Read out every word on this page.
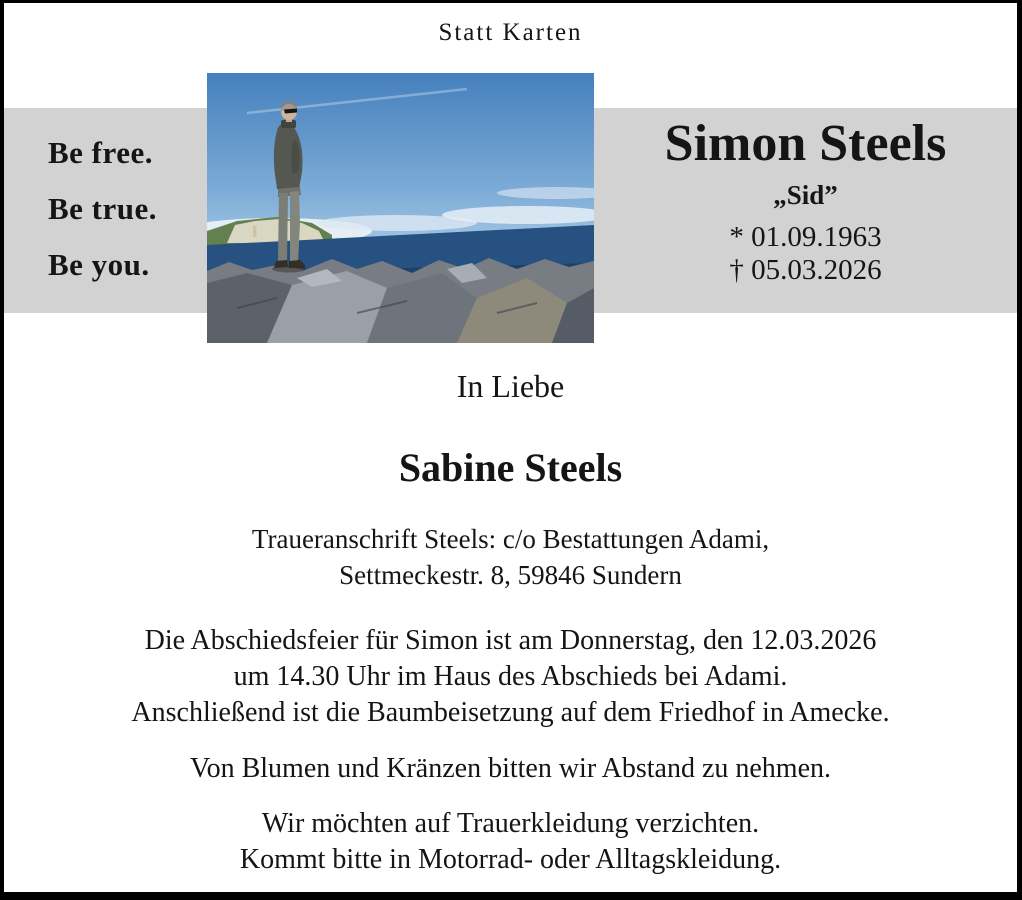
Statt Karten
Be free.
Be true.
Be you.
Simon Steels
„Sid”
* 01.09.1963
† 05.03.2026
In Liebe
Sabine Steels
Traueranschrift Steels: c/o Bestattungen Adami,
Settmeckestr. 8, 59846 Sundern
Die Abschiedsfeier für Simon ist am Donnerstag, den 12.03.2026
um 14.30 Uhr im Haus des Abschieds bei Adami.
Anschließend ist die Baumbeisetzung auf dem Friedhof in Amecke.
Von Blumen und Kränzen bitten wir Abstand zu nehmen.
Wir möchten auf Trauerkleidung verzichten.
Kommt bitte in Motorrad- oder Alltagskleidung.
